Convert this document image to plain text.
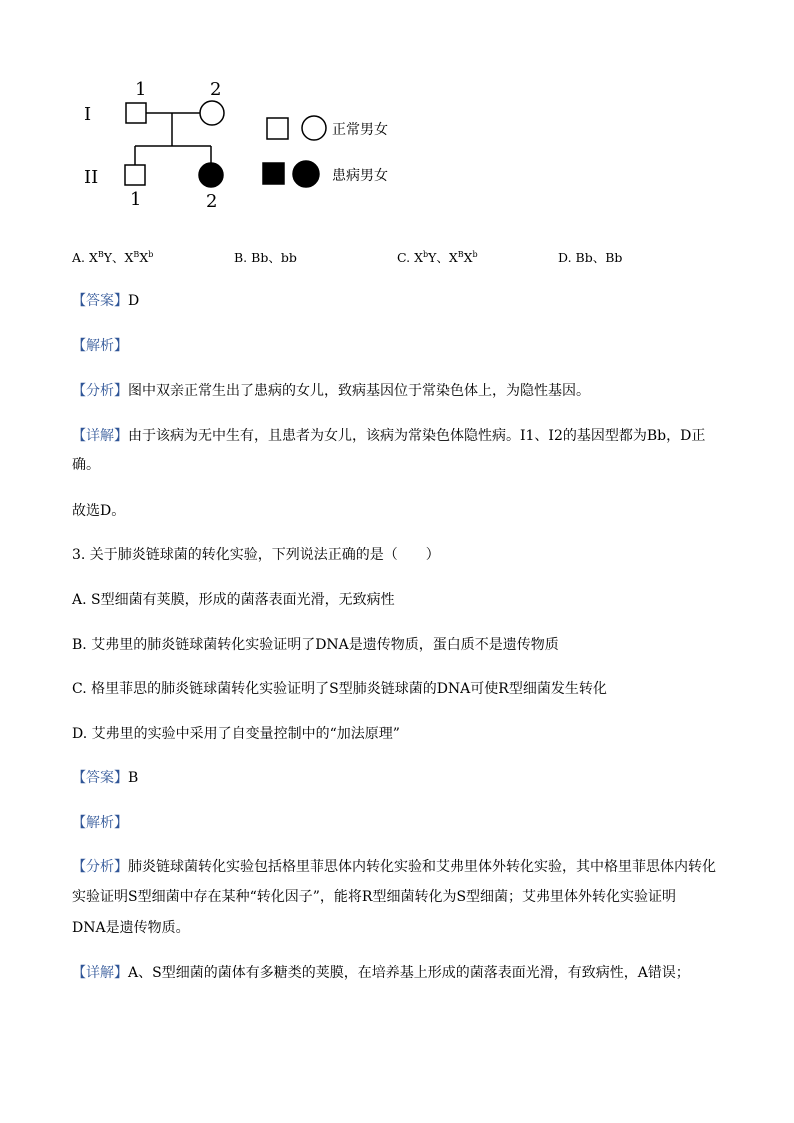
I
II
1	2
1	2
正常男女
患病男女
A. $X^BY$、$X^BX^b$	B. Bb、bb	C. $X^bY$、$X^BX^b$	D. Bb、Bb
【答案】D
【解析】
【分析】图中双亲正常生出了患病的女儿，致病基因位于常染色体上，为隐性基因。
【详解】由于该病为无中生有，且患者为女儿，该病为常染色体隐性病。Ⅰ1、Ⅰ2的基因型都为Bb，D正
确。
故选D。
3. 关于肺炎链球菌的转化实验，下列说法正确的是（　　）
A. S型细菌有荚膜，形成的菌落表面光滑，无致病性
B. 艾弗里的肺炎链球菌转化实验证明了DNA是遗传物质，蛋白质不是遗传物质
C. 格里菲思的肺炎链球菌转化实验证明了S型肺炎链球菌的DNA可使R型细菌发生转化
D. 艾弗里的实验中采用了自变量控制中的“加法原理”
【答案】B
【解析】
【分析】肺炎链球菌转化实验包括格里菲思体内转化实验和艾弗里体外转化实验，其中格里菲思体内转化
实验证明S型细菌中存在某种“转化因子”，能将R型细菌转化为S型细菌；艾弗里体外转化实验证明
DNA是遗传物质。
【详解】A、S型细菌的菌体有多糖类的荚膜，在培养基上形成的菌落表面光滑，有致病性，A错误；
